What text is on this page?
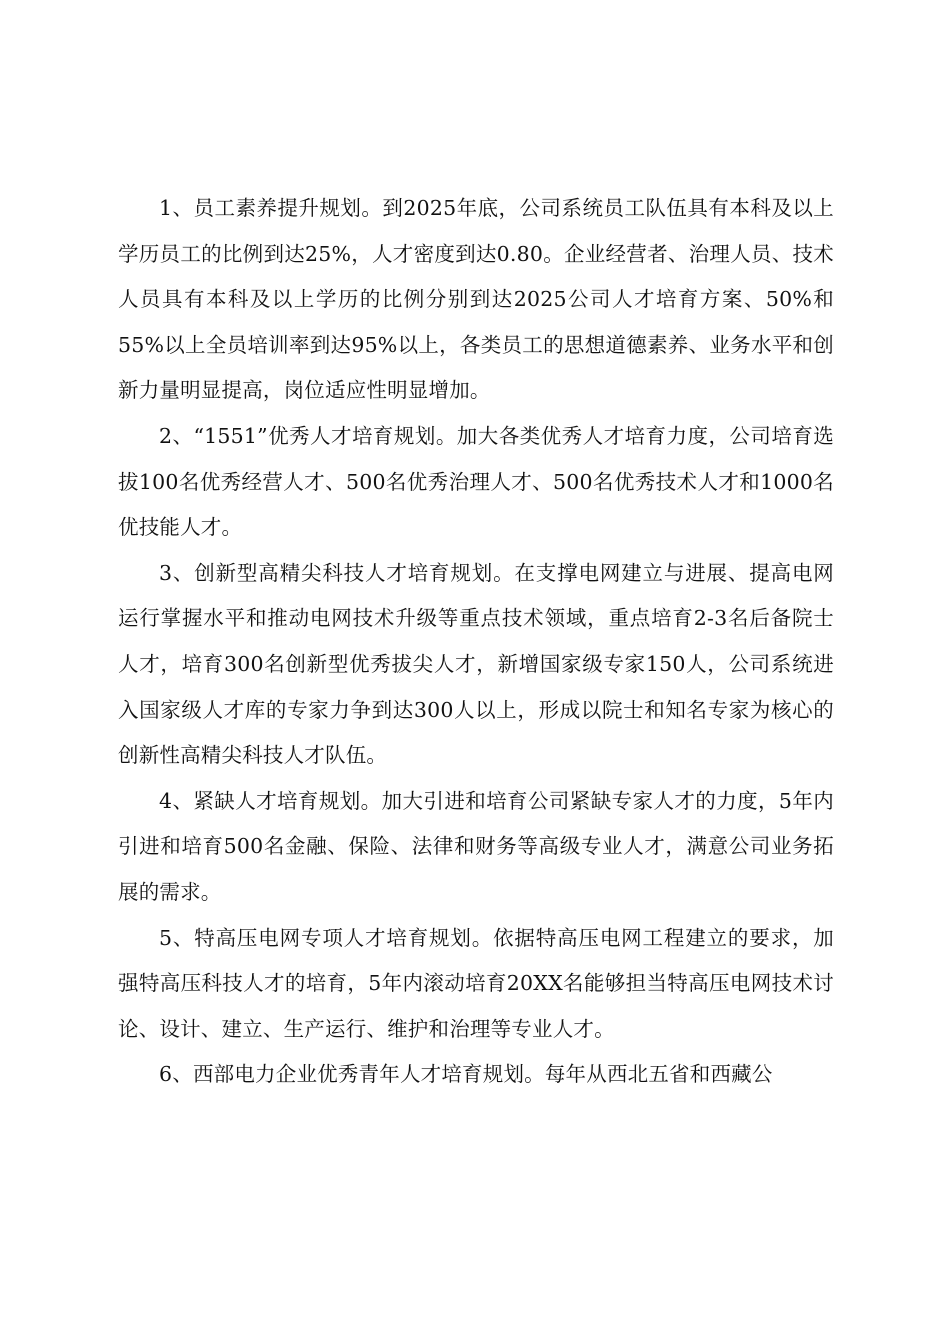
1、员工素养提升规划。到2025年底，公司系统员工队伍具有本科及以上学历员工的比例到达25%，人才密度到达0.80。企业经营者、治理人员、技术人员具有本科及以上学历的比例分别到达2025公司人才培育方案、50%和55%以上全员培训率到达95%以上，各类员工的思想道德素养、业务水平和创新力量明显提高，岗位适应性明显增加。

2、“1551”优秀人才培育规划。加大各类优秀人才培育力度，公司培育选拔100名优秀经营人才、500名优秀治理人才、500名优秀技术人才和1000名优技能人才。

3、创新型高精尖科技人才培育规划。在支撑电网建立与进展、提高电网运行掌握水平和推动电网技术升级等重点技术领域，重点培育2-3名后备院士人才，培育300名创新型优秀拔尖人才，新增国家级专家150人，公司系统进入国家级人才库的专家力争到达300人以上，形成以院士和知名专家为核心的创新性高精尖科技人才队伍。

4、紧缺人才培育规划。加大引进和培育公司紧缺专家人才的力度，5年内引进和培育500名金融、保险、法律和财务等高级专业人才，满意公司业务拓展的需求。

5、特高压电网专项人才培育规划。依据特高压电网工程建立的要求，加强特高压科技人才的培育，5年内滚动培育20XX名能够担当特高压电网技术讨论、设计、建立、生产运行、维护和治理等专业人才。

6、西部电力企业优秀青年人才培育规划。每年从西北五省和西藏公
